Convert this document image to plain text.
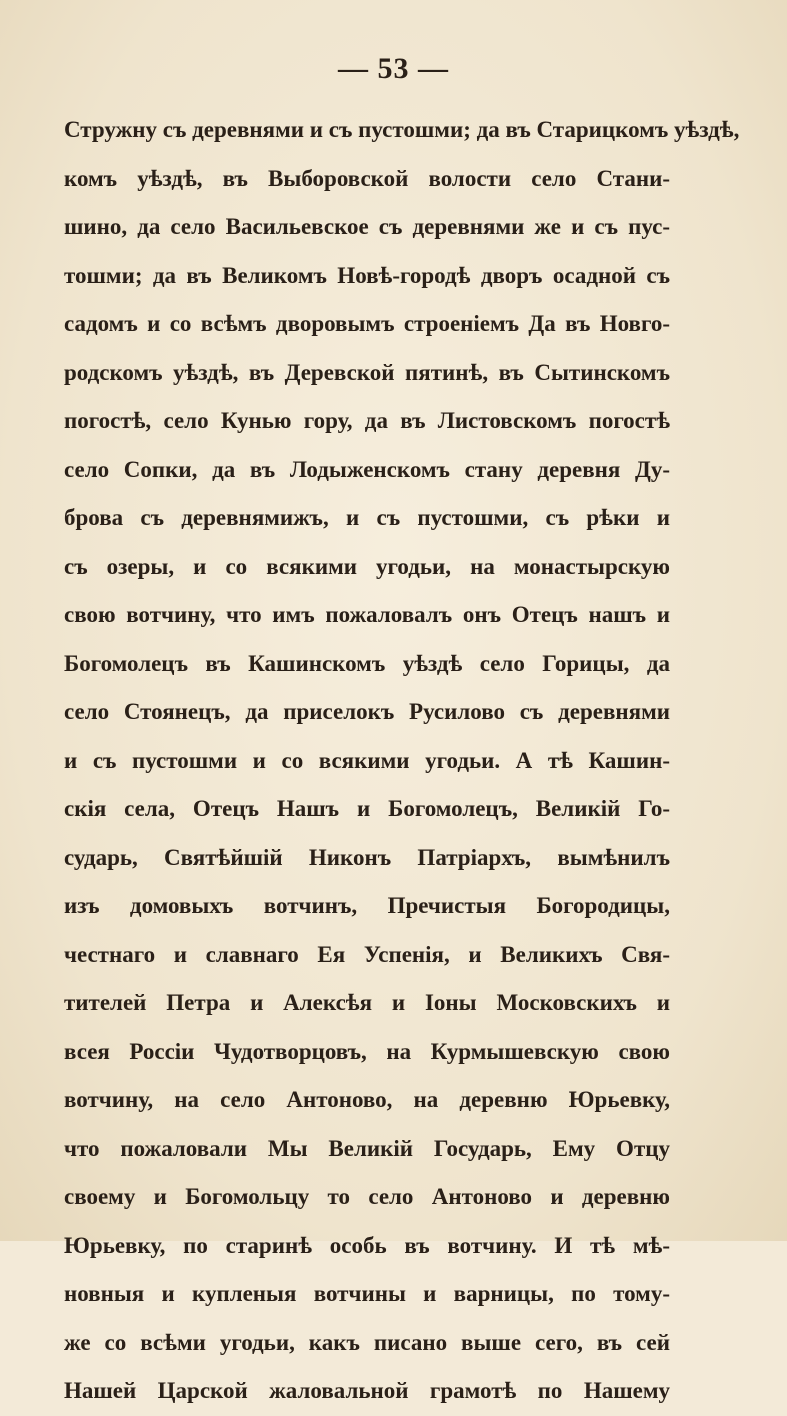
— 53 —
Стружну съ деревнями и съ пустошми; да въ Старицкомъ уѣздѣ,
комъ уѣздѣ, въ Выборовской волости село Стани-
шино, да село Васильевское съ деревнями же и съ пус-
тошми; да въ Великомъ Новѣ-городѣ дворъ осадной съ
садомъ и со всѣмъ дворовымъ строенiемъ Да въ Новго-
родскомъ уѣздѣ, въ Деревской пятинѣ, въ Сытинскомъ
погостѣ, село Кунью гору, да въ Листовскомъ погостѣ
село Сопки, да въ Лодыженскомъ стану деревня Ду-
брова съ деревнямижъ, и съ пустошми, съ рѣки и
съ озеры, и со всякими угодьи, на монастырскую
свою вотчину, что имъ пожаловалъ онъ Отецъ нашъ и
Богомолецъ въ Кашинскомъ уѣздѣ село Горицы, да
село Стоянецъ, да приселокъ Русилово съ деревнями
и съ пустошми и со всякими угодьи. А тѣ Кашин-
скiя села, Отецъ Нашъ и Богомолецъ, Великiй Го-
сударь, Святѣйшiй Никонъ Патрiархъ, вымѣнилъ
изъ домовыхъ вотчинъ, Пречистыя Богородицы,
честнаго и славнаго Ея Успенiя, и Великихъ Свя-
тителей Петра и Алексѣя и Iоны Московскихъ и
всея Россiи Чудотворцовъ, на Курмышевскую свою
вотчину, на село Антоново, на деревню Юрьевку,
что пожаловали Мы Великiй Государь, Ему Отцу
своему и Богомольцу то село Антоново и деревню
Юрьевку, по старинѣ особь въ вотчину. И тѣ мѣ-
новныя и купленыя вотчины и варницы, по тому-
же со всѣми угодьи, какъ писано выше сего, въ сей
Нашей Царской жаловальной грамотѣ по Нашему
